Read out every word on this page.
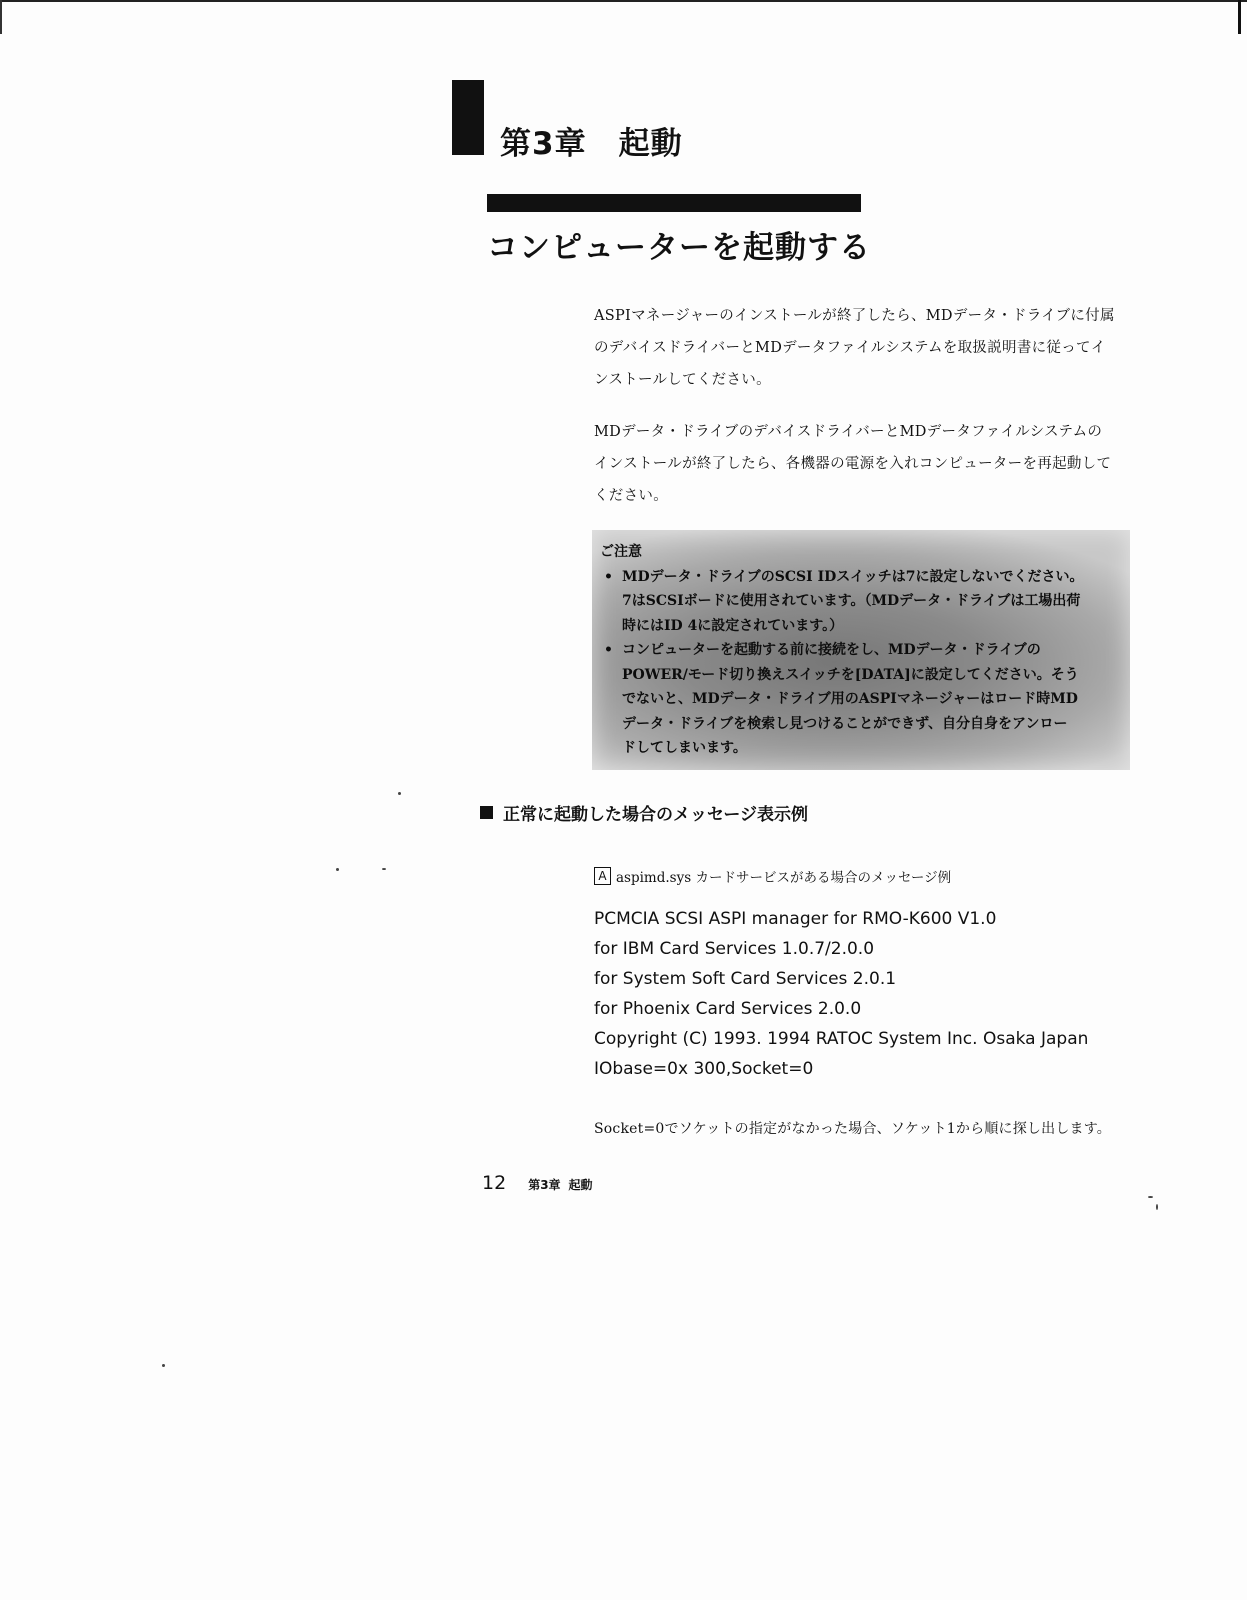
第3章 起動
コンピューターを起動する
ASPIマネージャーのインストールが終了したら、MDデータ・ドライブに付属
のデバイスドライバーとMDデータファイルシステムを取扱説明書に従ってイ
ンストールしてください。
MDデータ・ドライブのデバイスドライバーとMDデータファイルシステムの
インストールが終了したら、各機器の電源を入れコンピューターを再起動して
ください。
ご注意
• MDデータ・ドライブのSCSI IDスイッチは7に設定しないでください。
7はSCSIボードに使用されています。（MDデータ・ドライブは工場出荷
時にはID 4に設定されています。）
• コンピューターを起動する前に接続をし、MDデータ・ドライブの
POWER/モード切り換えスイッチを[DATA]に設定してください。そう
でないと、MDデータ・ドライブ用のASPIマネージャーはロード時MD
データ・ドライブを検索し見つけることができず、自分自身をアンロー
ドしてしまいます。
正常に起動した場合のメッセージ表示例
A aspimd.sys カードサービスがある場合のメッセージ例
PCMCIA SCSI ASPI manager for RMO-K600 V1.0
for IBM Card Services 1.0.7/2.0.0
for System Soft Card Services 2.0.1
for Phoenix Card Services 2.0.0
Copyright (C) 1993. 1994 RATOC System Inc. Osaka Japan
IObase=0x 300,Socket=0
Socket=0でソケットの指定がなかった場合、ソケット1から順に探し出します。
12 第3章 起動
